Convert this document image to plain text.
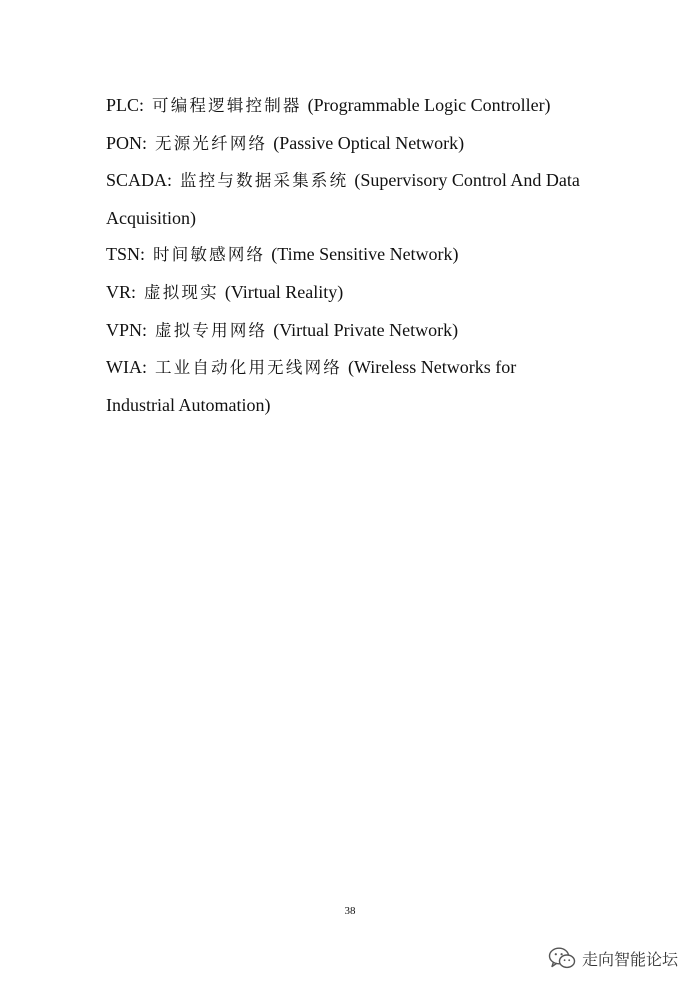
PLC: 可编程逻辑控制器 (Programmable Logic Controller)
PON: 无源光纤网络 (Passive Optical Network)
SCADA: 监控与数据采集系统 (Supervisory Control And Data Acquisition)
TSN: 时间敏感网络 (Time Sensitive Network)
VR: 虚拟现实 (Virtual Reality)
VPN: 虚拟专用网络 (Virtual Private Network)
WIA: 工业自动化用无线网络 (Wireless Networks for Industrial Automation)
38
走向智能论坛
